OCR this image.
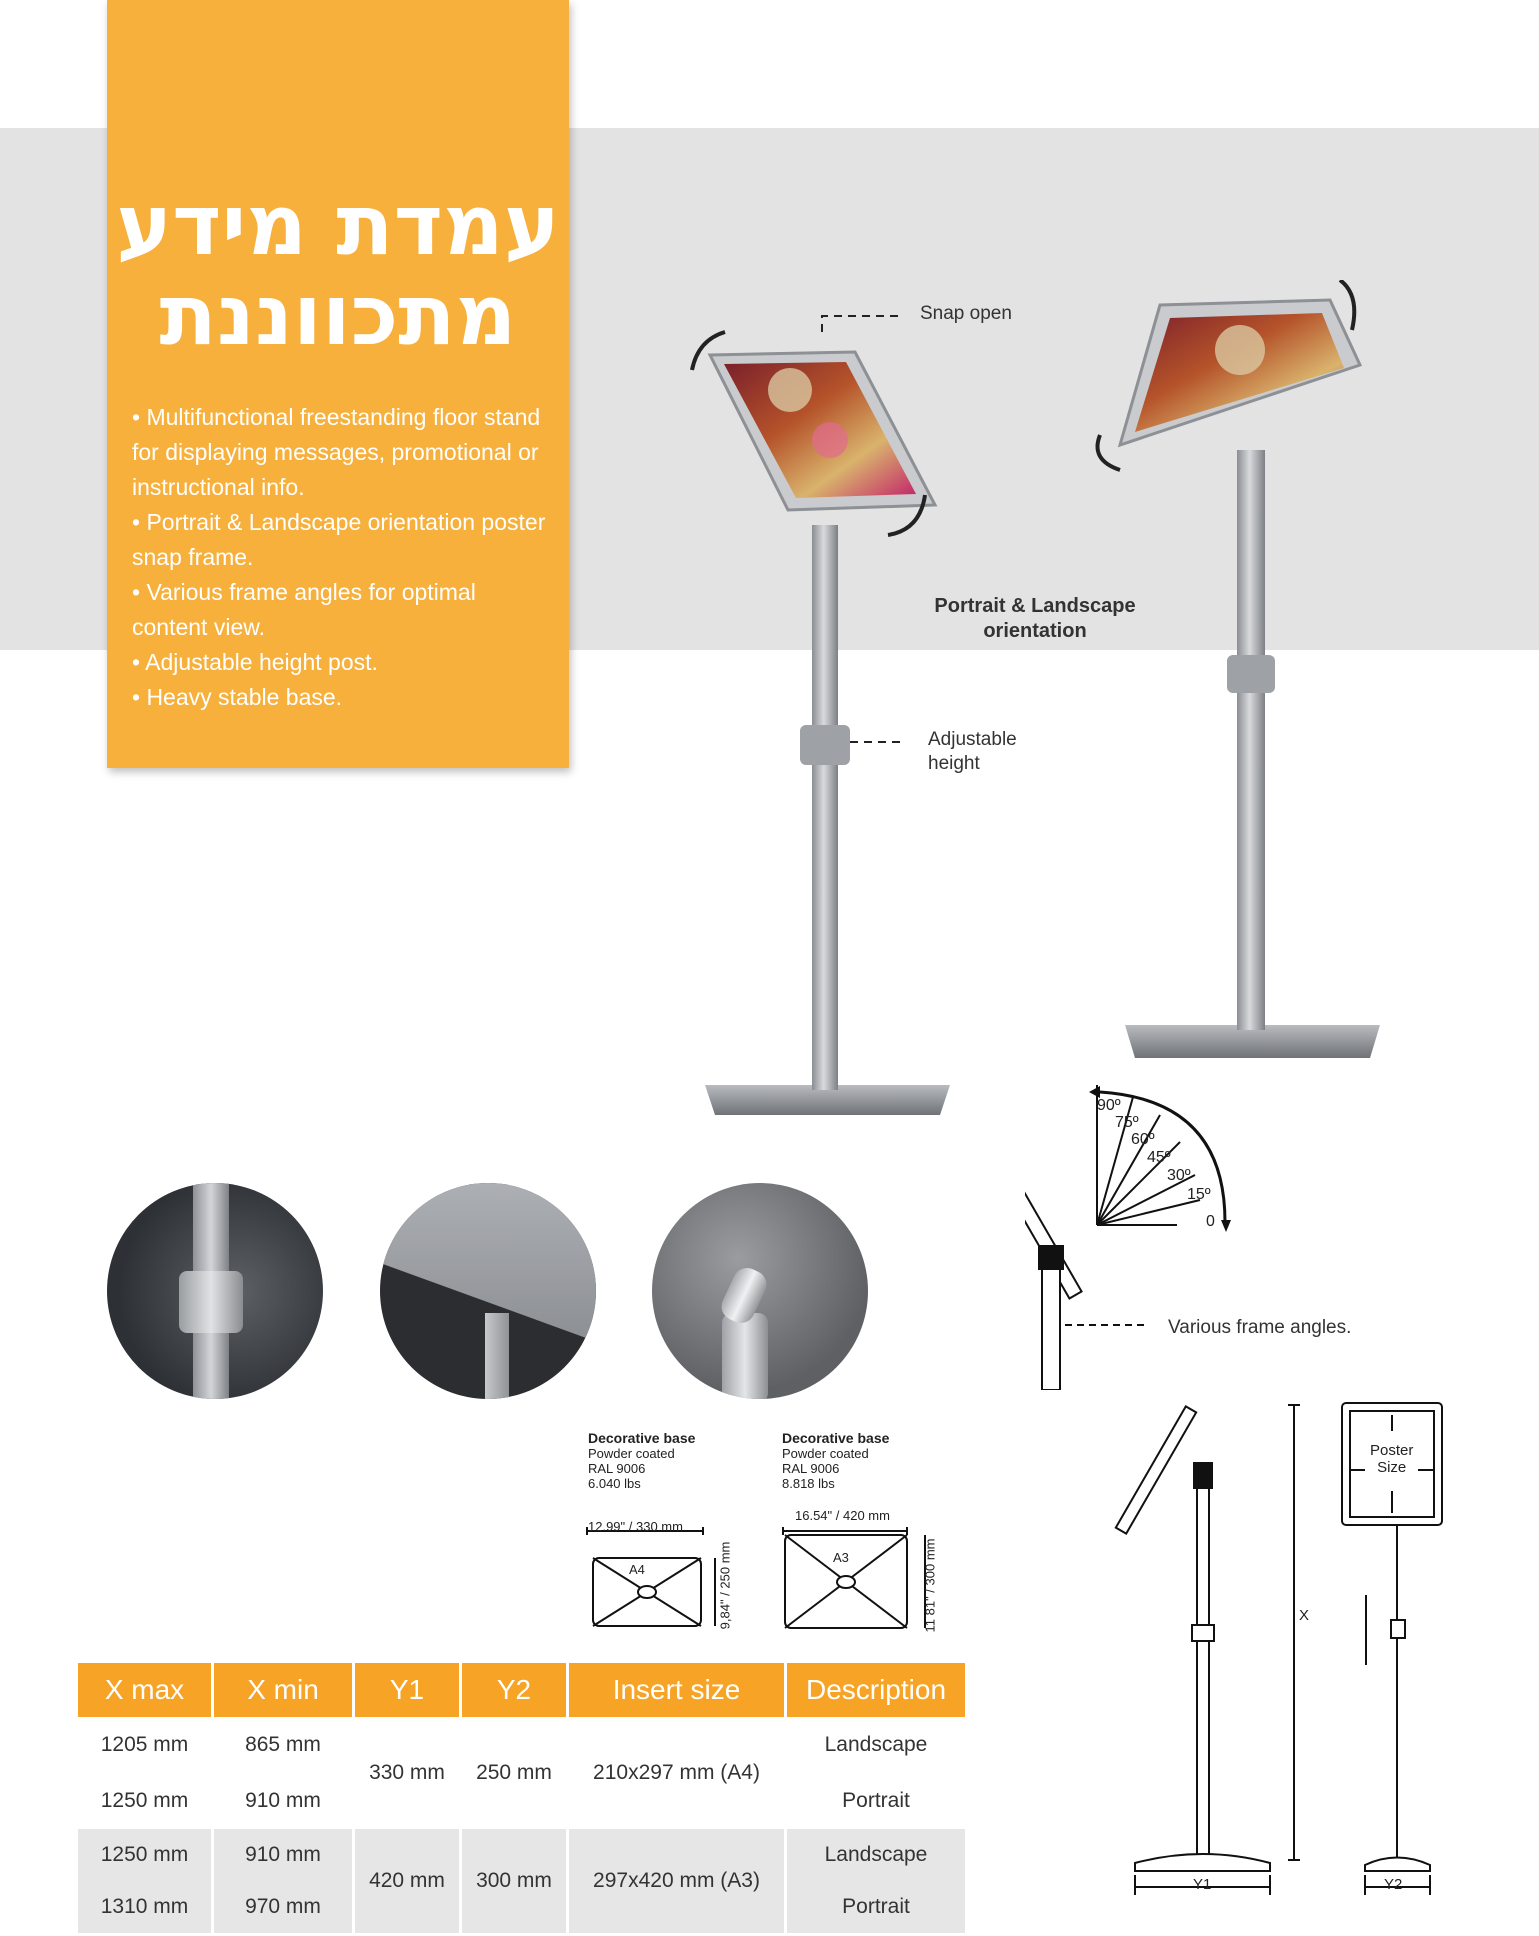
עמדת מידע
מתכווננת
• Multifunctional freestanding floor stand for displaying messages, promotional or instructional info.
• Portrait & Landscape orientation poster snap frame.
• Various frame angles for optimal content view.
• Adjustable height post.
• Heavy stable base.
Snap open
Adjustable
height
Portrait & Landscape
orientation
90º
75º
60º
45º
30º
15º
0
Various frame angles.
Decorative base
Powder coated
RAL 9006
6.040 lbs
Decorative base
Powder coated
RAL 9006
8.818 lbs
12.99" / 330 mm
16.54" / 420 mm
A4
A3
9,84" / 250 mm	11 81" / 300 mm	X
Y1	Y2
Poster
Size
X max	X min	Y1	Y2	Insert size	Description
1205 mm	865 mm	330 mm	250 mm	210x297 mm (A4)	Landscape
1250 mm	910 mm				Portrait
1250 mm	910 mm	420 mm	300 mm	297x420 mm (A3)	Landscape
1310 mm	970 mm				Portrait
